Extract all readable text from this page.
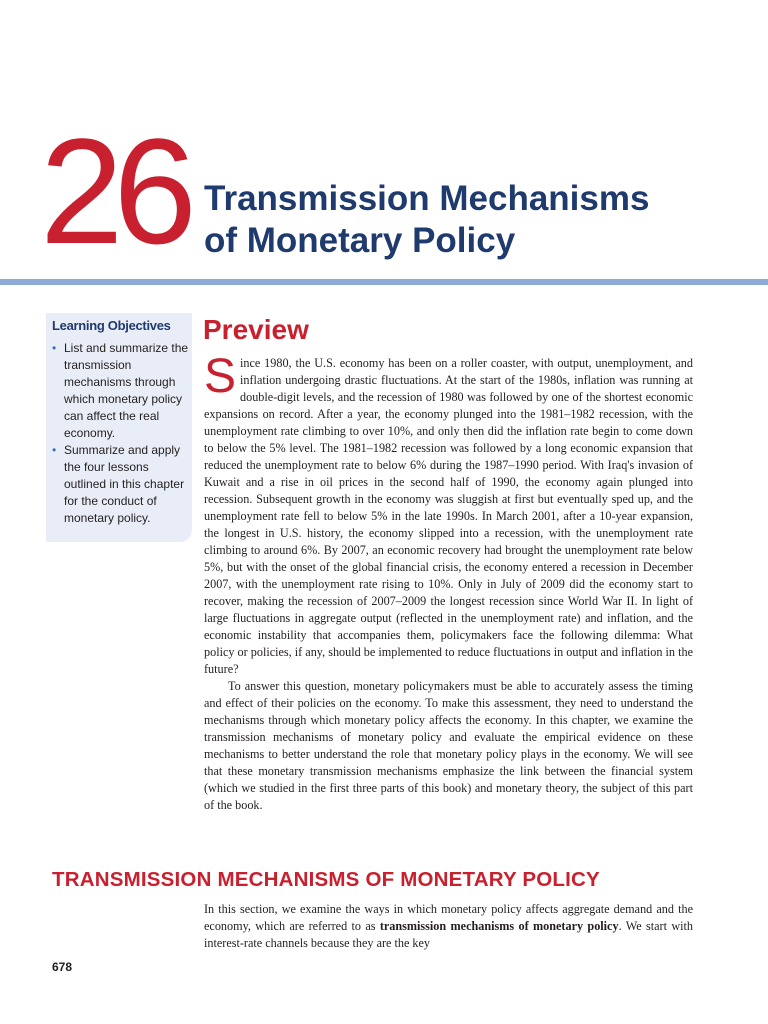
26 Transmission Mechanisms
of Monetary Policy
Learning Objectives
• List and summarize the transmission mechanisms through which monetary policy can affect the real economy.
• Summarize and apply the four lessons outlined in this chapter for the conduct of monetary policy.
Preview

Since 1980, the U.S. economy has been on a roller coaster, with output, unemployment, and inflation undergoing drastic fluctuations. At the start of the 1980s, inflation was running at double-digit levels, and the recession of 1980 was followed by one of the shortest economic expansions on record. After a year, the economy plunged into the 1981–1982 recession, with the unemployment rate climbing to over 10%, and only then did the inflation rate begin to come down to below the 5% level. The 1981–1982 recession was followed by a long economic expansion that reduced the unemployment rate to below 6% during the 1987–1990 period. With Iraq's invasion of Kuwait and a rise in oil prices in the second half of 1990, the economy again plunged into recession. Subsequent growth in the economy was sluggish at first but eventually sped up, and the unemployment rate fell to below 5% in the late 1990s. In March 2001, after a 10-year expansion, the longest in U.S. history, the economy slipped into a recession, with the unemployment rate climbing to around 6%. By 2007, an economic recovery had brought the unemployment rate below 5%, but with the onset of the global financial crisis, the economy entered a recession in December 2007, with the unemployment rate rising to 10%. Only in July of 2009 did the economy start to recover, making the recession of 2007–2009 the longest recession since World War II. In light of large fluctuations in aggregate output (reflected in the unemployment rate) and inflation, and the economic instability that accompanies them, policymakers face the following dilemma: What policy or policies, if any, should be implemented to reduce fluctuations in output and inflation in the future?

To answer this question, monetary policymakers must be able to accurately assess the timing and effect of their policies on the economy. To make this assessment, they need to understand the mechanisms through which monetary policy affects the economy. In this chapter, we examine the transmission mechanisms of monetary policy and evaluate the empirical evidence on these mechanisms to better understand the role that monetary policy plays in the economy. We will see that these monetary transmission mechanisms emphasize the link between the financial system (which we studied in the first three parts of this book) and monetary theory, the subject of this part of the book.

TRANSMISSION MECHANISMS OF MONETARY POLICY

In this section, we examine the ways in which monetary policy affects aggregate demand and the economy, which are referred to as transmission mechanisms of monetary policy. We start with interest-rate channels because they are the key

678
